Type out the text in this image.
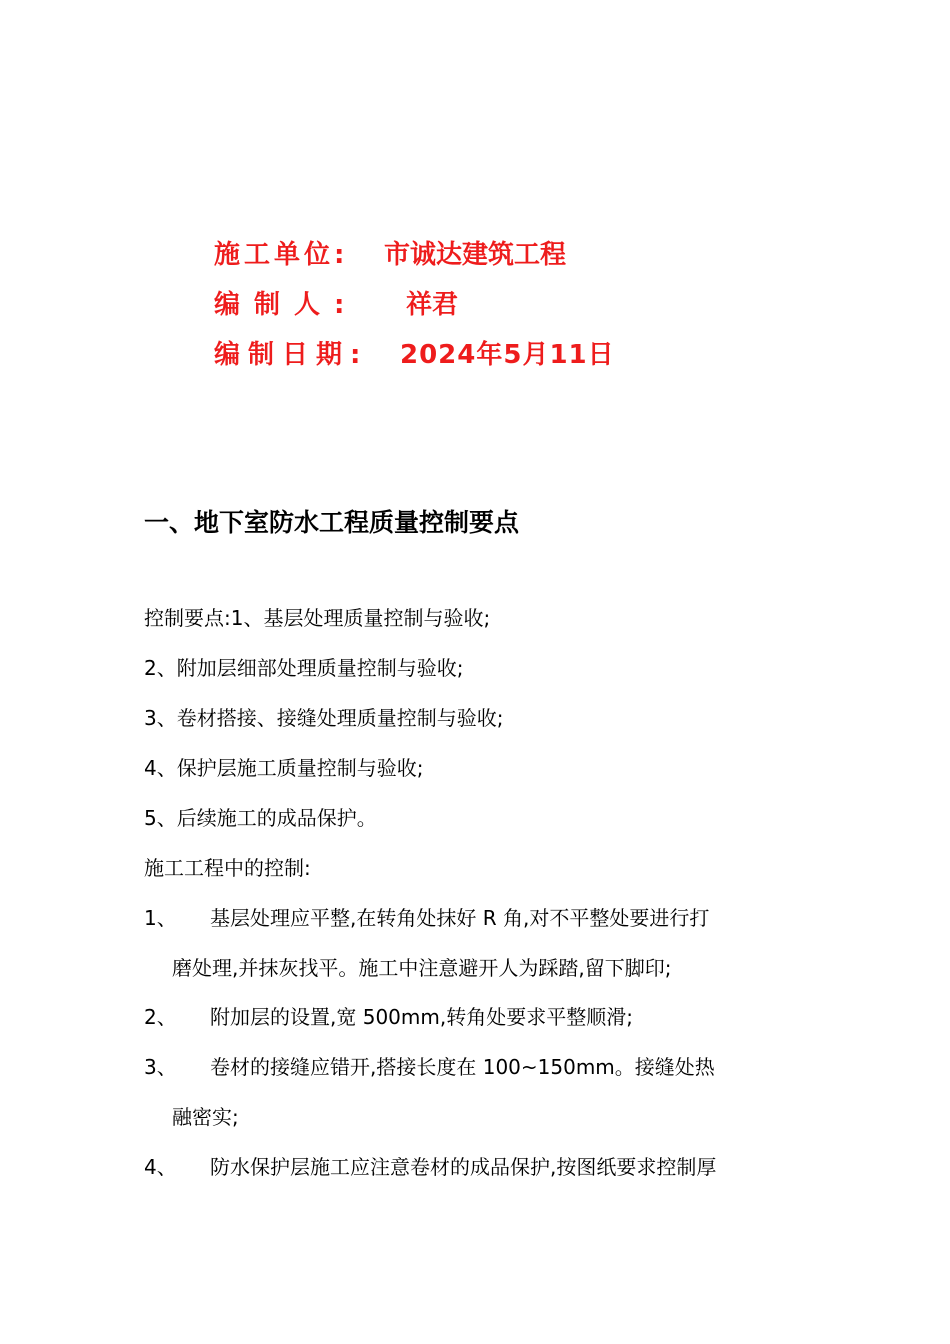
施工单位: 市诚达建筑工程
编制人: 祥君
编制日期: 2024年5月11日
一、地下室防水工程质量控制要点
控制要点:1、基层处理质量控制与验收;
2、附加层细部处理质量控制与验收;
3、卷材搭接、接缝处理质量控制与验收;
4、保护层施工质量控制与验收;
5、后续施工的成品保护。
施工工程中的控制:
1、	基层处理应平整,在转角处抹好 R 角,对不平整处要进行打
磨处理,并抹灰找平。施工中注意避开人为踩踏,留下脚印;
2、	附加层的设置,宽 500mm,转角处要求平整顺滑;
3、	卷材的接缝应错开,搭接长度在 100~150mm。接缝处热
融密实;
4、	防水保护层施工应注意卷材的成品保护,按图纸要求控制厚
